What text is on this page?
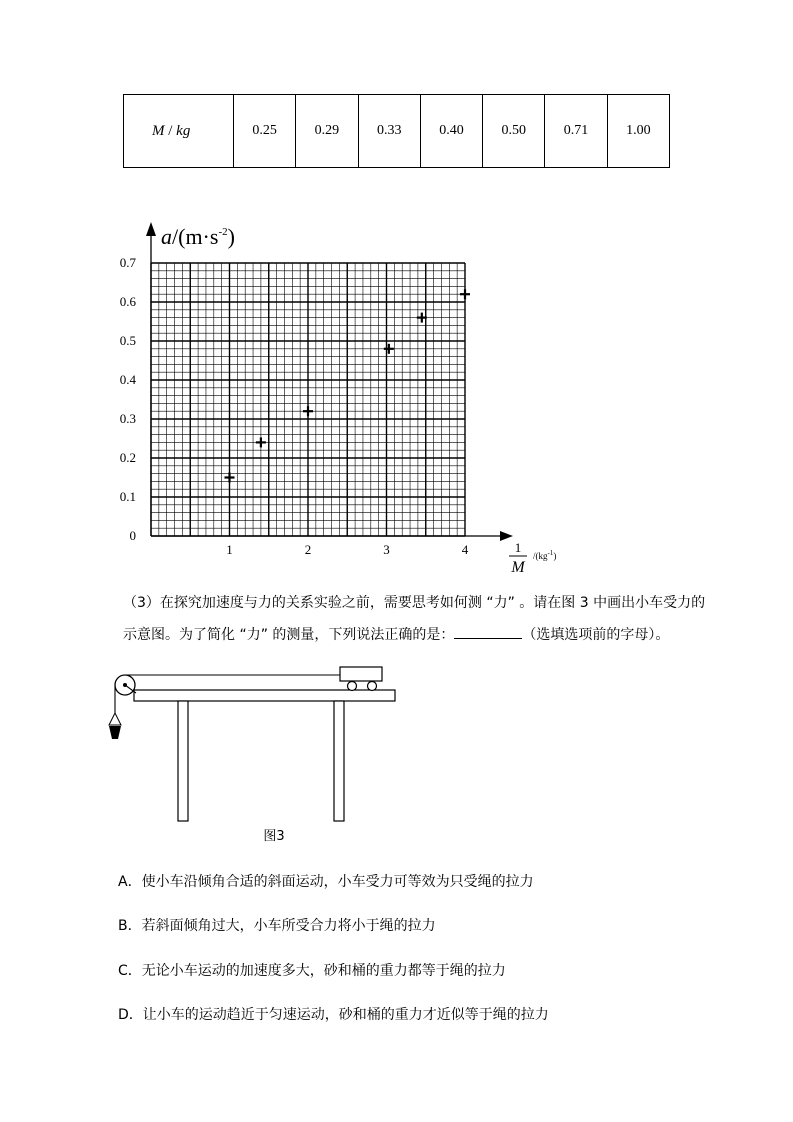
M / kg	0.25	0.29	0.33	0.40	0.50	0.71	1.00
0
0.1
0.2
0.3
0.4
0.5
0.6
0.7
1	2	3	4
$a/(m\cdot s^{-2})$
1
M
$/(kg^{-1})$

（3）在探究加速度与力的关系实验之前，需要思考如何测 “力” 。请在图 3 中画出小车受力的

示意图。为了简化 “力” 的测量，下列说法正确的是：	（选填选项前的字母）。

图3

A．使小车沿倾角合适的斜面运动，小车受力可等效为只受绳的拉力

B．若斜面倾角过大，小车所受合力将小于绳的拉力

C．无论小车运动的加速度多大，砂和桶的重力都等于绳的拉力

D．让小车的运动趋近于匀速运动，砂和桶的重力才近似等于绳的拉力
